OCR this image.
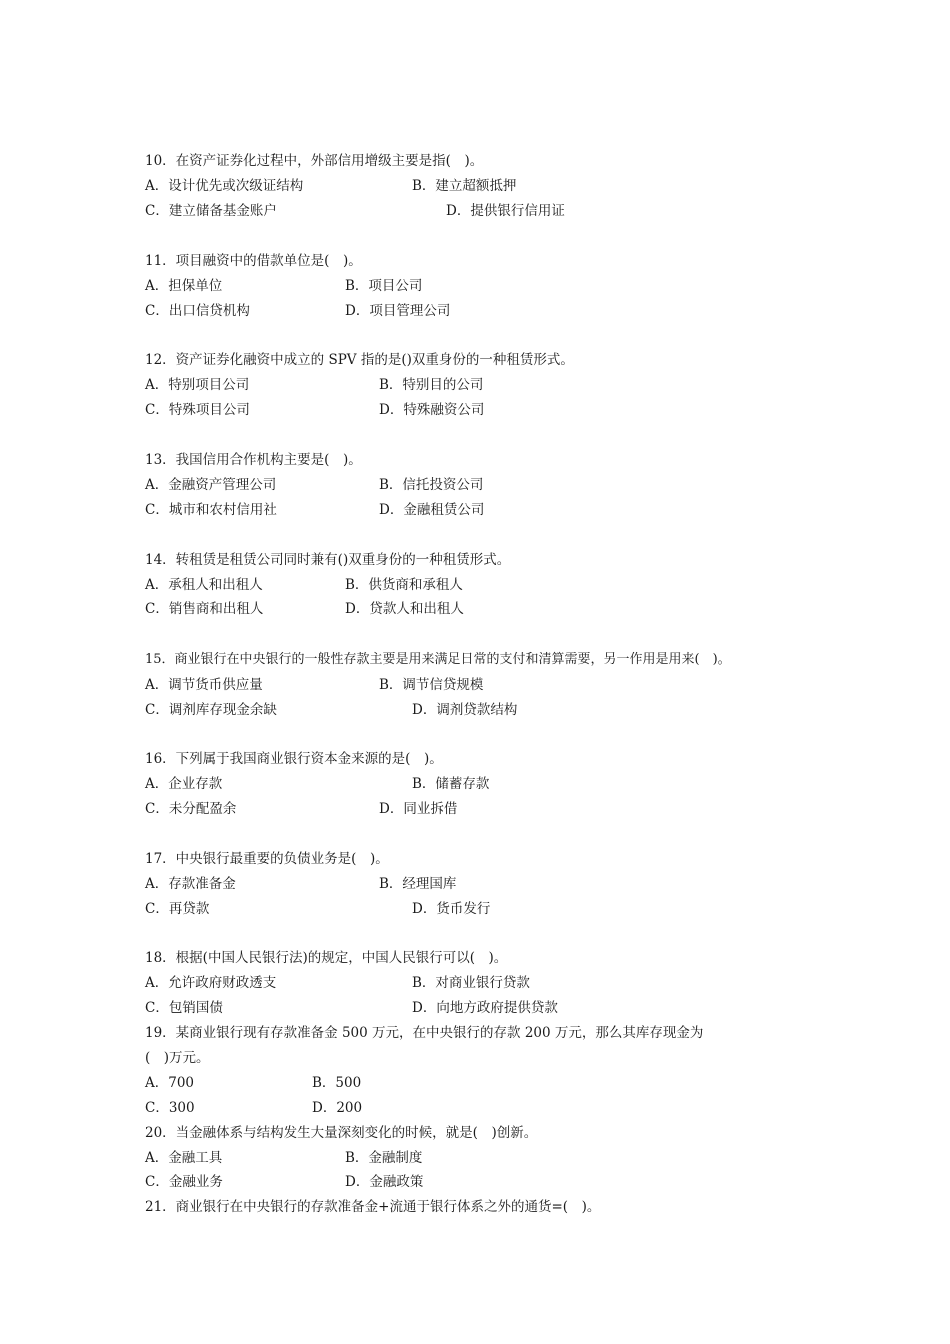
10．在资产证券化过程中，外部信用增级主要是指(　)。
A．设计优先或次级证结构	B．建立超额抵押
C．建立储备基金账户	D．提供银行信用证
11．项目融资中的借款单位是(　)。
A．担保单位	B．项目公司
C．出口信贷机构	D．项目管理公司
12．资产证券化融资中成立的 SPV 指的是()双重身份的一种租赁形式。
A．特别项目公司	B．特别目的公司
C．特殊项目公司	D．特殊融资公司
13．我国信用合作机构主要是(　)。
A．金融资产管理公司	B．信托投资公司
C．城市和农村信用社	D．金融租赁公司
14．转租赁是租赁公司同时兼有()双重身份的一种租赁形式。
A．承租人和出租人	B．供货商和承租人
C．销售商和出租人	D．贷款人和出租人
15．商业银行在中央银行的一般性存款主要是用来满足日常的支付和清算需要，另一作用是用来(　)。
A．调节货币供应量	B．调节信贷规模
C．调剂库存现金余缺	D．调剂贷款结构
16．下列属于我国商业银行资本金来源的是(　)。
A．企业存款	B．储蓄存款
C．未分配盈余	D．同业拆借
17．中央银行最重要的负债业务是(　)。
A．存款准备金	B．经理国库
C．再贷款	D．货币发行
18．根据(中国人民银行法)的规定，中国人民银行可以(　)。
A．允许政府财政透支	B．对商业银行贷款
C．包销国债	D．向地方政府提供贷款
19．某商业银行现有存款准备金 500 万元，在中央银行的存款 200 万元，那么其库存现金为
(　)万元。
A．700	B．500
C．300	D．200
20．当金融体系与结构发生大量深刻变化的时候，就是(　)创新。
A．金融工具	B．金融制度
C．金融业务	D．金融政策
21．商业银行在中央银行的存款准备金+流通于银行体系之外的通货=(　)。
